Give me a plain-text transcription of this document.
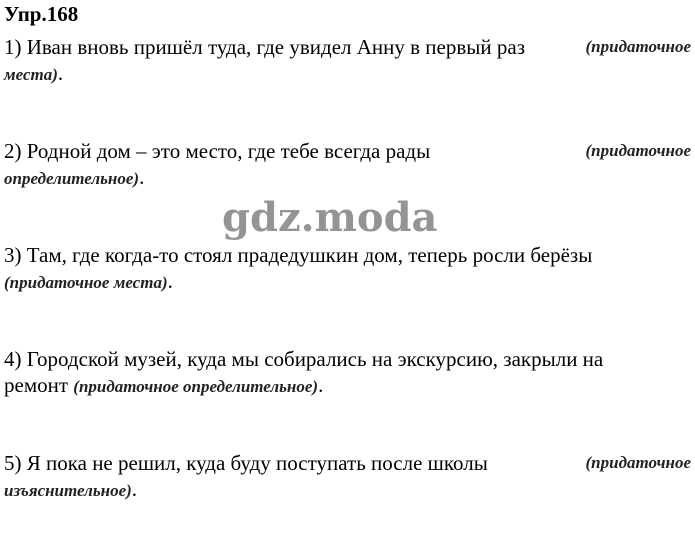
Упр.168
gdz.moda
1) Иван вновь пришёл туда, где увидел Анну в первый раз	(придаточное
места).
2) Родной дом – это место, где тебе всегда рады	(придаточное
определительное).
3) Там, где когда-то стоял прадедушкин дом, теперь росли берёзы
(придаточное места).
4) Городской музей, куда мы собирались на экскурсию, закрыли на
ремонт (придаточное определительное).
5) Я пока не решил, куда буду поступать после школы	(придаточное
изъяснительное).
